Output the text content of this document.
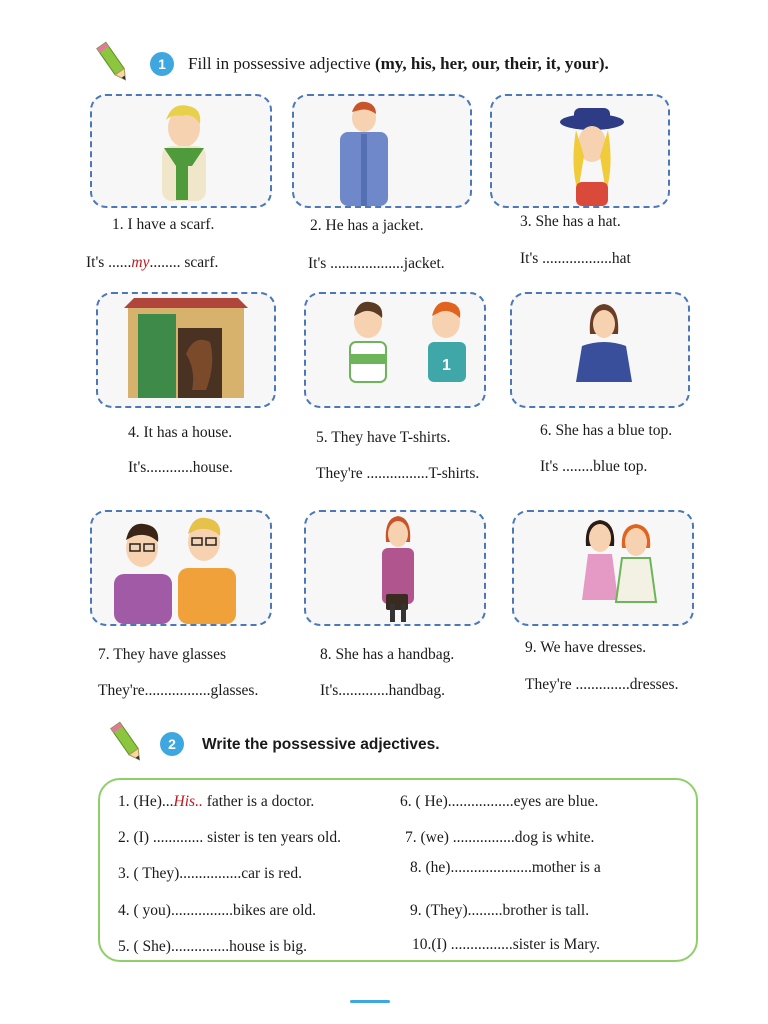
1	Fill in possessive adjective (my, his, her, our, their, it, your).
1. I have a scarf.	2. He has a jacket.	3. She has a hat.
It's ......my........ scarf.	It's ...................jacket.	It's ..................hat
1
4. It has a house.	5. They have T-shirts.	6. She has a blue top.
It's............house.	They're ................T-shirts.	It's ........blue top.
7. They have glasses	8. She has a handbag.	9. We have dresses.
They're.................glasses.	It's.............handbag.	They're ..............dresses.
2	Write the possessive adjectives.
1. (He)...His.. father is a doctor.
2. (I) ............. sister is ten years old.
3. ( They)................car is red.
4. ( you)................bikes are old.
5. ( She)...............house is big.
6. ( He).................eyes are blue.
7. (we) ................dog is white.
8. (he).....................mother is a
9. (They).........brother is tall.
10.(I) ................sister is Mary.
